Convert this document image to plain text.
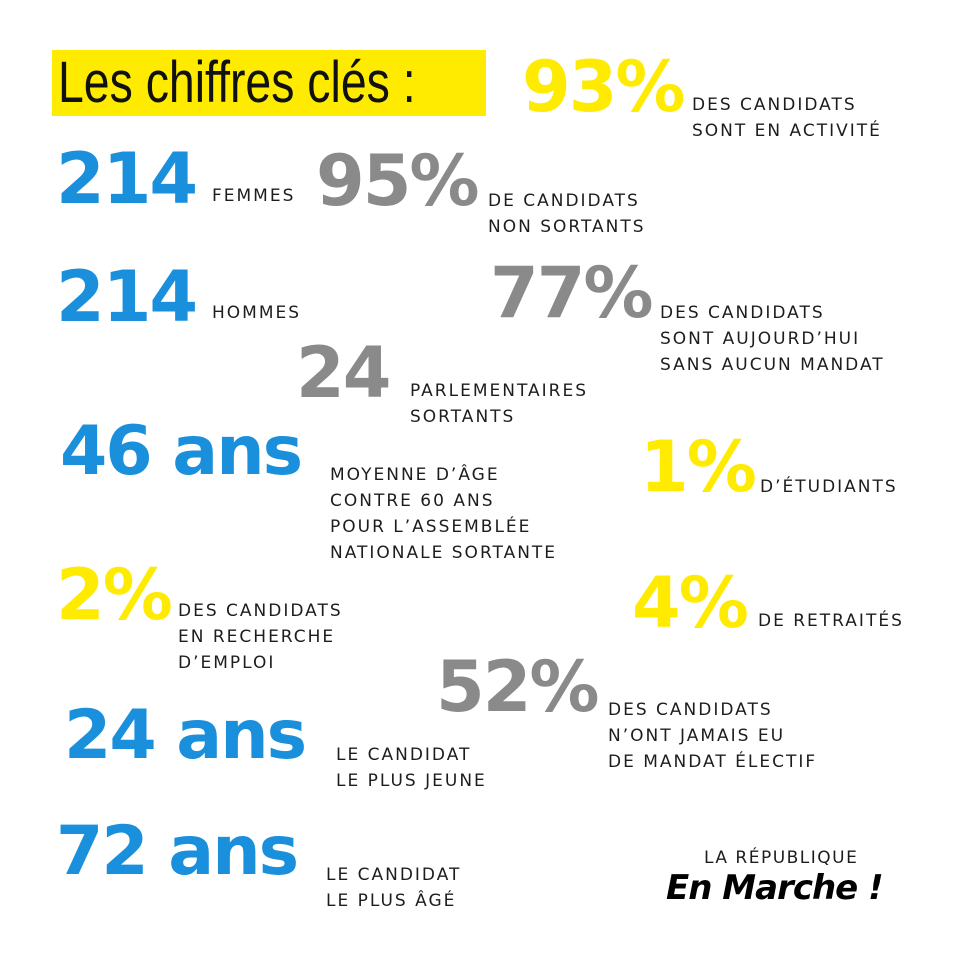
Les chiffres clés : 93% DES CANDIDATS
SONT EN ACTIVITÉ
214 FEMMES 95% DE CANDIDATS
NON SORTANTS
214 HOMMES	77% DES CANDIDATS
SONT AUJOURD’HUI
SANS AUCUN MANDAT
24 PARLEMENTAIRES
SORTANTS
46 ans MOYENNE D’ÂGE
CONTRE 60 ANS
POUR L’ASSEMBLÉE
NATIONALE SORTANTE
1% D’ÉTUDIANTS
2% DES CANDIDATS
EN RECHERCHE
D’EMPLOI
4% DE RETRAITÉS
52% DES CANDIDATS
N’ONT JAMAIS EU
DE MANDAT ÉLECTIF
24 ans LE CANDIDAT
LE PLUS JEUNE
72 ans LE CANDIDAT
LE PLUS ÂGÉ
LA RÉPUBLIQUE
En Marche !
